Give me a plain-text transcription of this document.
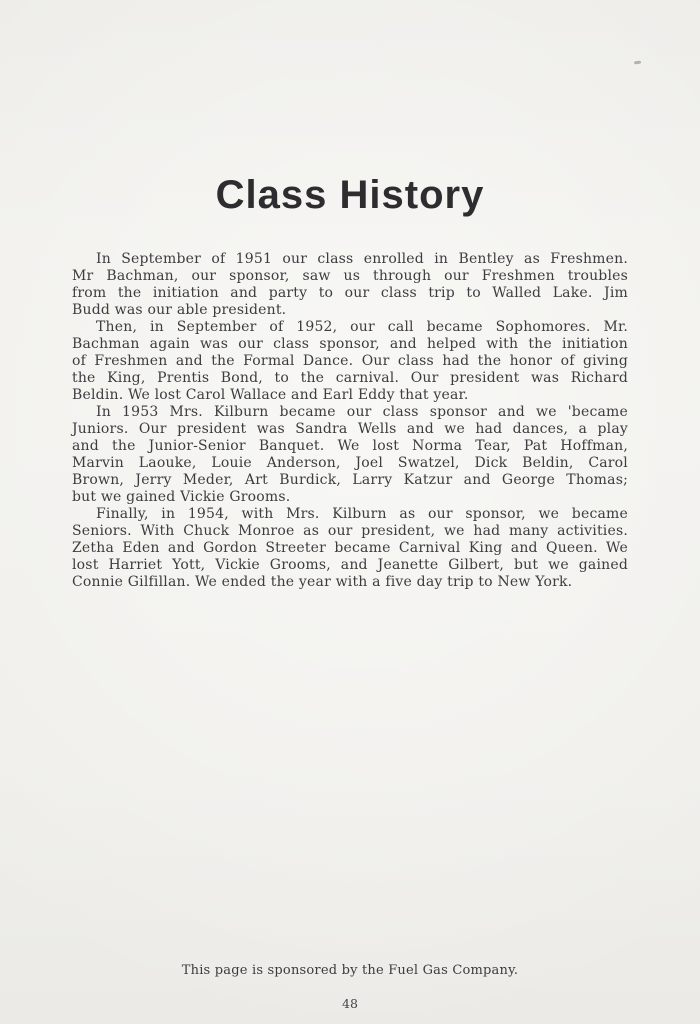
Class History

In September of 1951 our class enrolled in Bentley as Freshmen.
Mr Bachman, our sponsor, saw us through our Freshmen troubles
from the initiation and party to our class trip to Walled Lake. Jim
Budd was our able president.

Then, in September of 1952, our call became Sophomores. Mr.
Bachman again was our class sponsor, and helped with the initiation
of Freshmen and the Formal Dance. Our class had the honor of giving
the King, Prentis Bond, to the carnival. Our president was Richard
Beldin. We lost Carol Wallace and Earl Eddy that year.

In 1953 Mrs. Kilburn became our class sponsor and we 'became
Juniors. Our president was Sandra Wells and we had dances, a play
and the Junior-Senior Banquet. We lost Norma Tear, Pat Hoffman,
Marvin Laouke, Louie Anderson, Joel Swatzel, Dick Beldin, Carol
Brown, Jerry Meder, Art Burdick, Larry Katzur and George Thomas;
but we gained Vickie Grooms.

Finally, in 1954, with Mrs. Kilburn as our sponsor, we became
Seniors. With Chuck Monroe as our president, we had many activities.
Zetha Eden and Gordon Streeter became Carnival King and Queen. We
lost Harriet Yott, Vickie Grooms, and Jeanette Gilbert, but we gained
Connie Gilfillan. We ended the year with a five day trip to New York.

This page is sponsored by the Fuel Gas Company.
48
